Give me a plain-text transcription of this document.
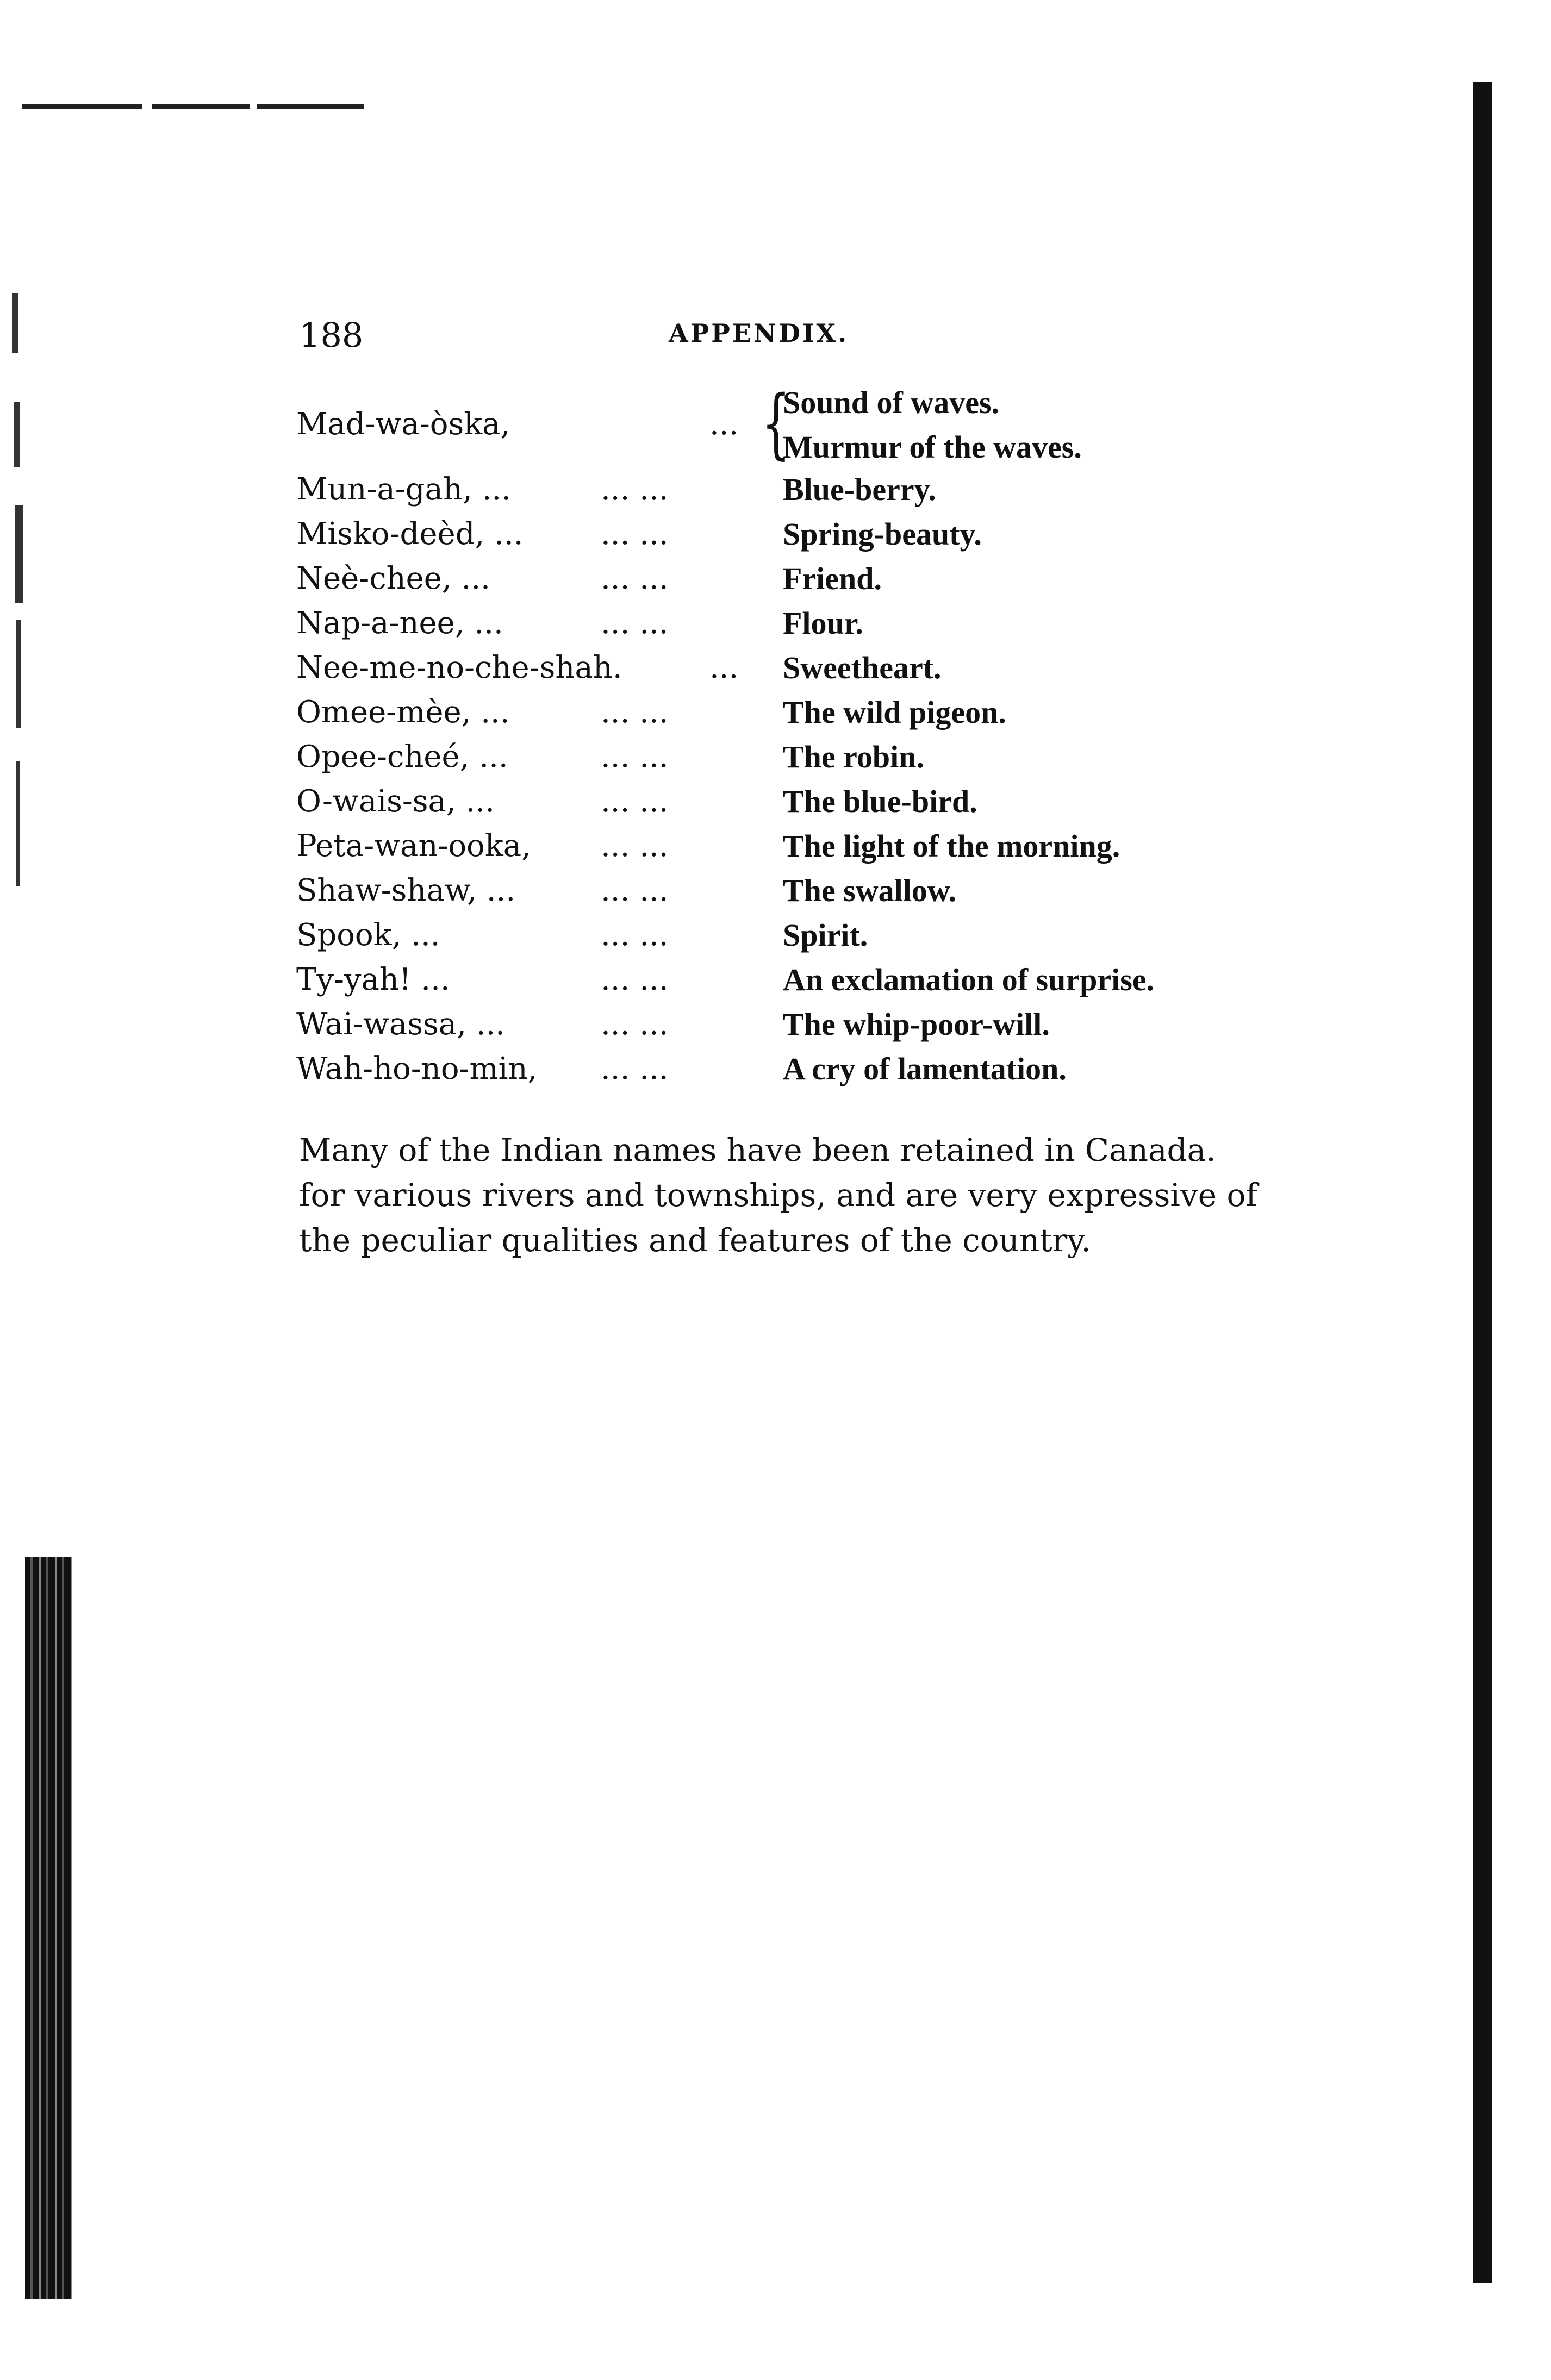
188	APPENDIX.
Mad-wa-òska,	... {
Sound of waves.
Murmur of the waves.
Mun-a-gah, ...	... ...	Blue-berry.
Misko-deèd, ...	... ...	Spring-beauty.
Neè-chee, ...	... ...	Friend.
Nap-a-nee, ...	... ...	Flour.
Nee-me-no-che-shah.	... Sweetheart.
Omee-mèe, ...	... ...	The wild pigeon.
Opee-cheé, ...	... ...	The robin.
O-wais-sa, ...	... ...	The blue-bird.
Peta-wan-ooka, ... ...	The light of the morning.
Shaw-shaw, ...	... ...	The swallow.
Spook, ...	... ...	Spirit.
Ty-yah! ...	... ...	An exclamation of surprise.
Wai-wassa, ...	... ...	The whip-poor-will.
Wah-ho-no-min, ... ...	A cry of lamentation.
Many of the Indian names have been retained in Canada.
for various rivers and townships, and are very expressive of
the peculiar qualities and features of the country.
